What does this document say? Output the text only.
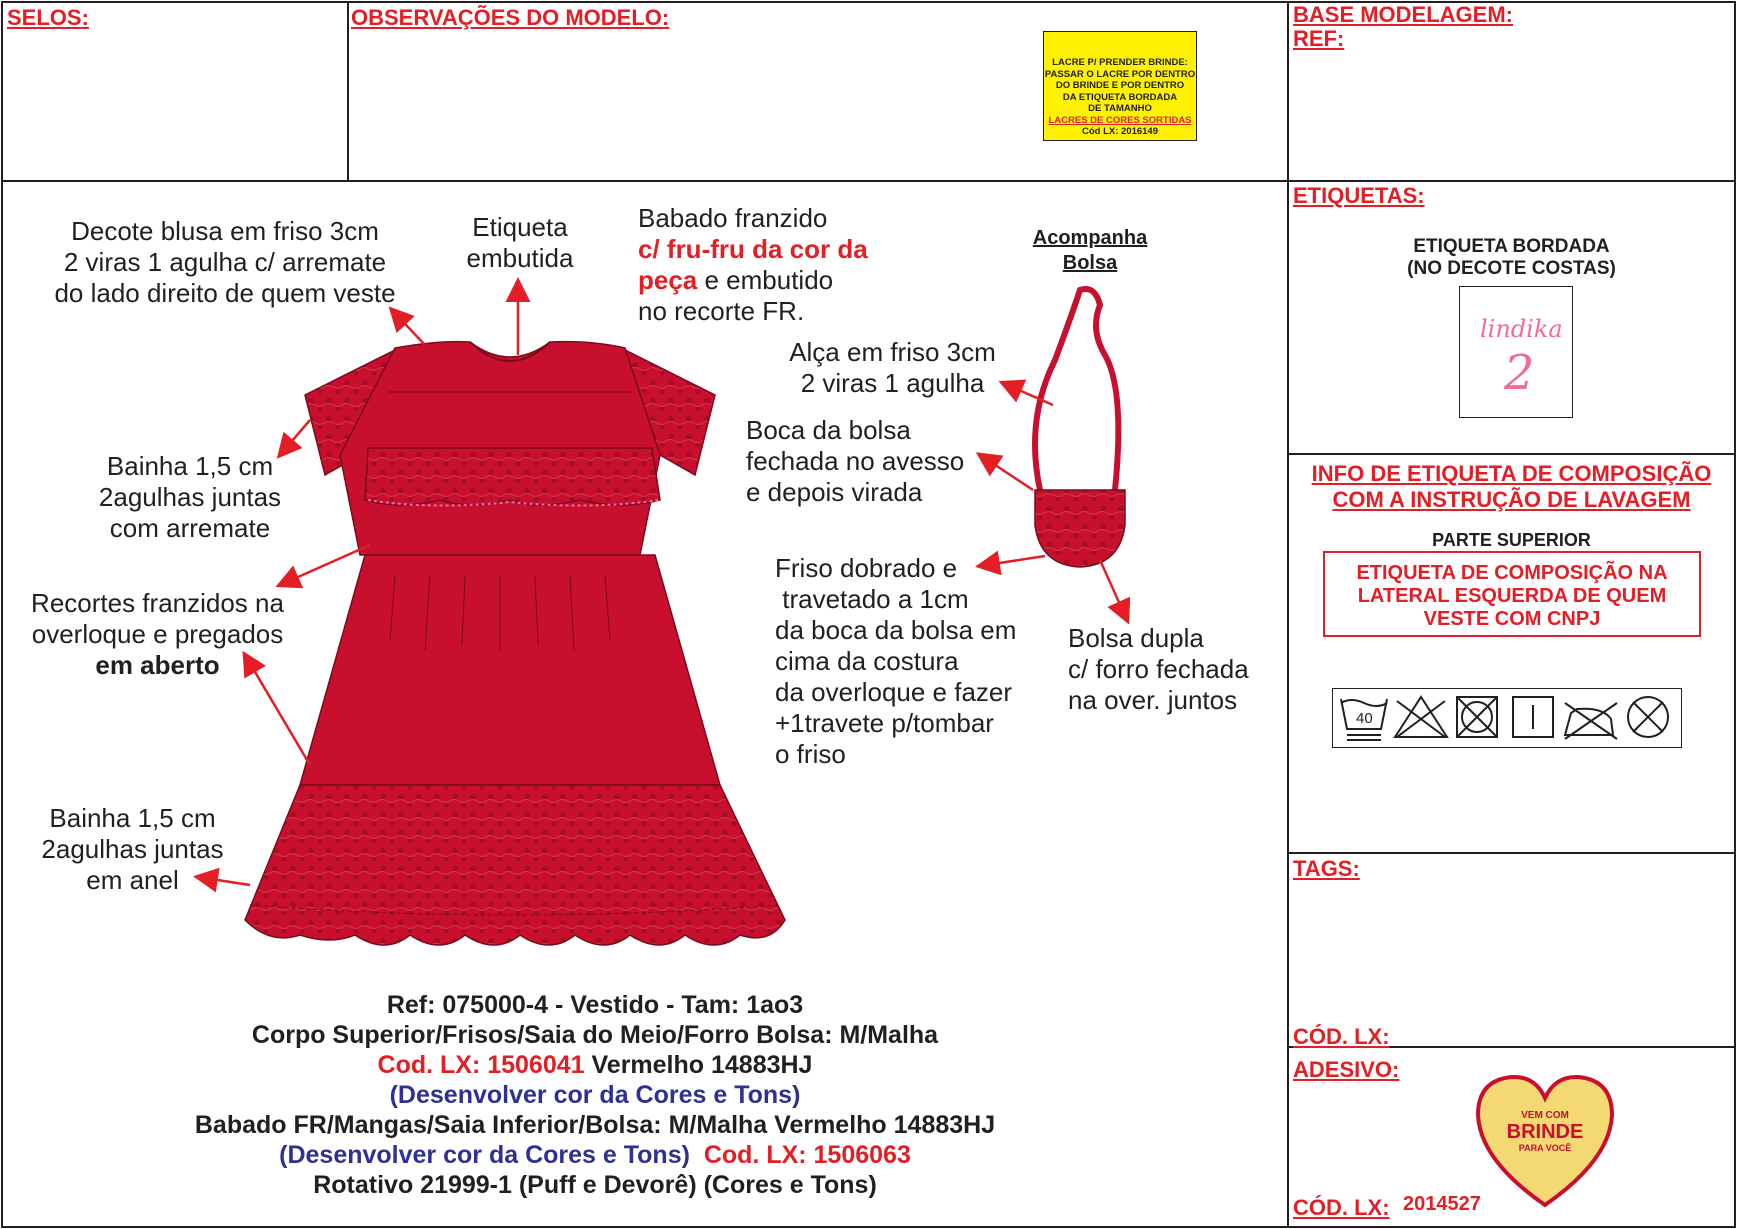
SELOS:	OBSERVAÇÕES DO MODELO:	BASE MODELAGEM:
REF:
LACRE P/ PRENDER BRINDE:
PASSAR O LACRE POR DENTRO
DO BRINDE E POR DENTRO
DA ETIQUETA BORDADA
DE TAMANHO
LACRES DE CORES SORTIDAS
Cód LX: 2016149
VEM COM
BRINDE
PARA VOCÊ
Decote blusa em friso 3cm
2 viras 1 agulha c/ arremate
do lado direito de quem veste
Etiqueta
embutida
Babado franzido
c/ fru-fru da cor da
peça e embutido
no recorte FR.
Acompanha
Bolsa
Alça em friso 3cm
2 viras 1 agulha
Boca da bolsa
fechada no avesso
e depois virada
Bainha 1,5 cm
2agulhas juntas
com arremate
Recortes franzidos na
overloque e pregados
em aberto
Friso dobrado e
travetado a 1cm
da boca da bolsa em
cima da costura
da overloque e fazer
+1travete p/tombar
o friso
Bolsa dupla
c/ forro fechada
na over. juntos
Bainha 1,5 cm
2agulhas juntas
em anel
Ref: 075000-4 - Vestido - Tam: 1ao3
Corpo Superior/Frisos/Saia do Meio/Forro Bolsa: M/Malha
Cod. LX: 1506041 Vermelho 14883HJ
(Desenvolver cor da Cores e Tons)
Babado FR/Mangas/Saia Inferior/Bolsa: M/Malha Vermelho 14883HJ
(Desenvolver cor da Cores e Tons) Cod. LX: 1506063
Rotativo 21999-1 (Puff e Devorê) (Cores e Tons)
ETIQUETAS:
ETIQUETA BORDADA
(NO DECOTE COSTAS)
lindika
2
INFO DE ETIQUETA DE COMPOSIÇÃO
COM A INSTRUÇÃO DE LAVAGEM
PARTE SUPERIOR
ETIQUETA DE COMPOSIÇÃO NA
LATERAL ESQUERDA DE QUEM
VESTE COM CNPJ
40
TAGS:
CÓD. LX:
ADESIVO:
CÓD. LX: 2014527
